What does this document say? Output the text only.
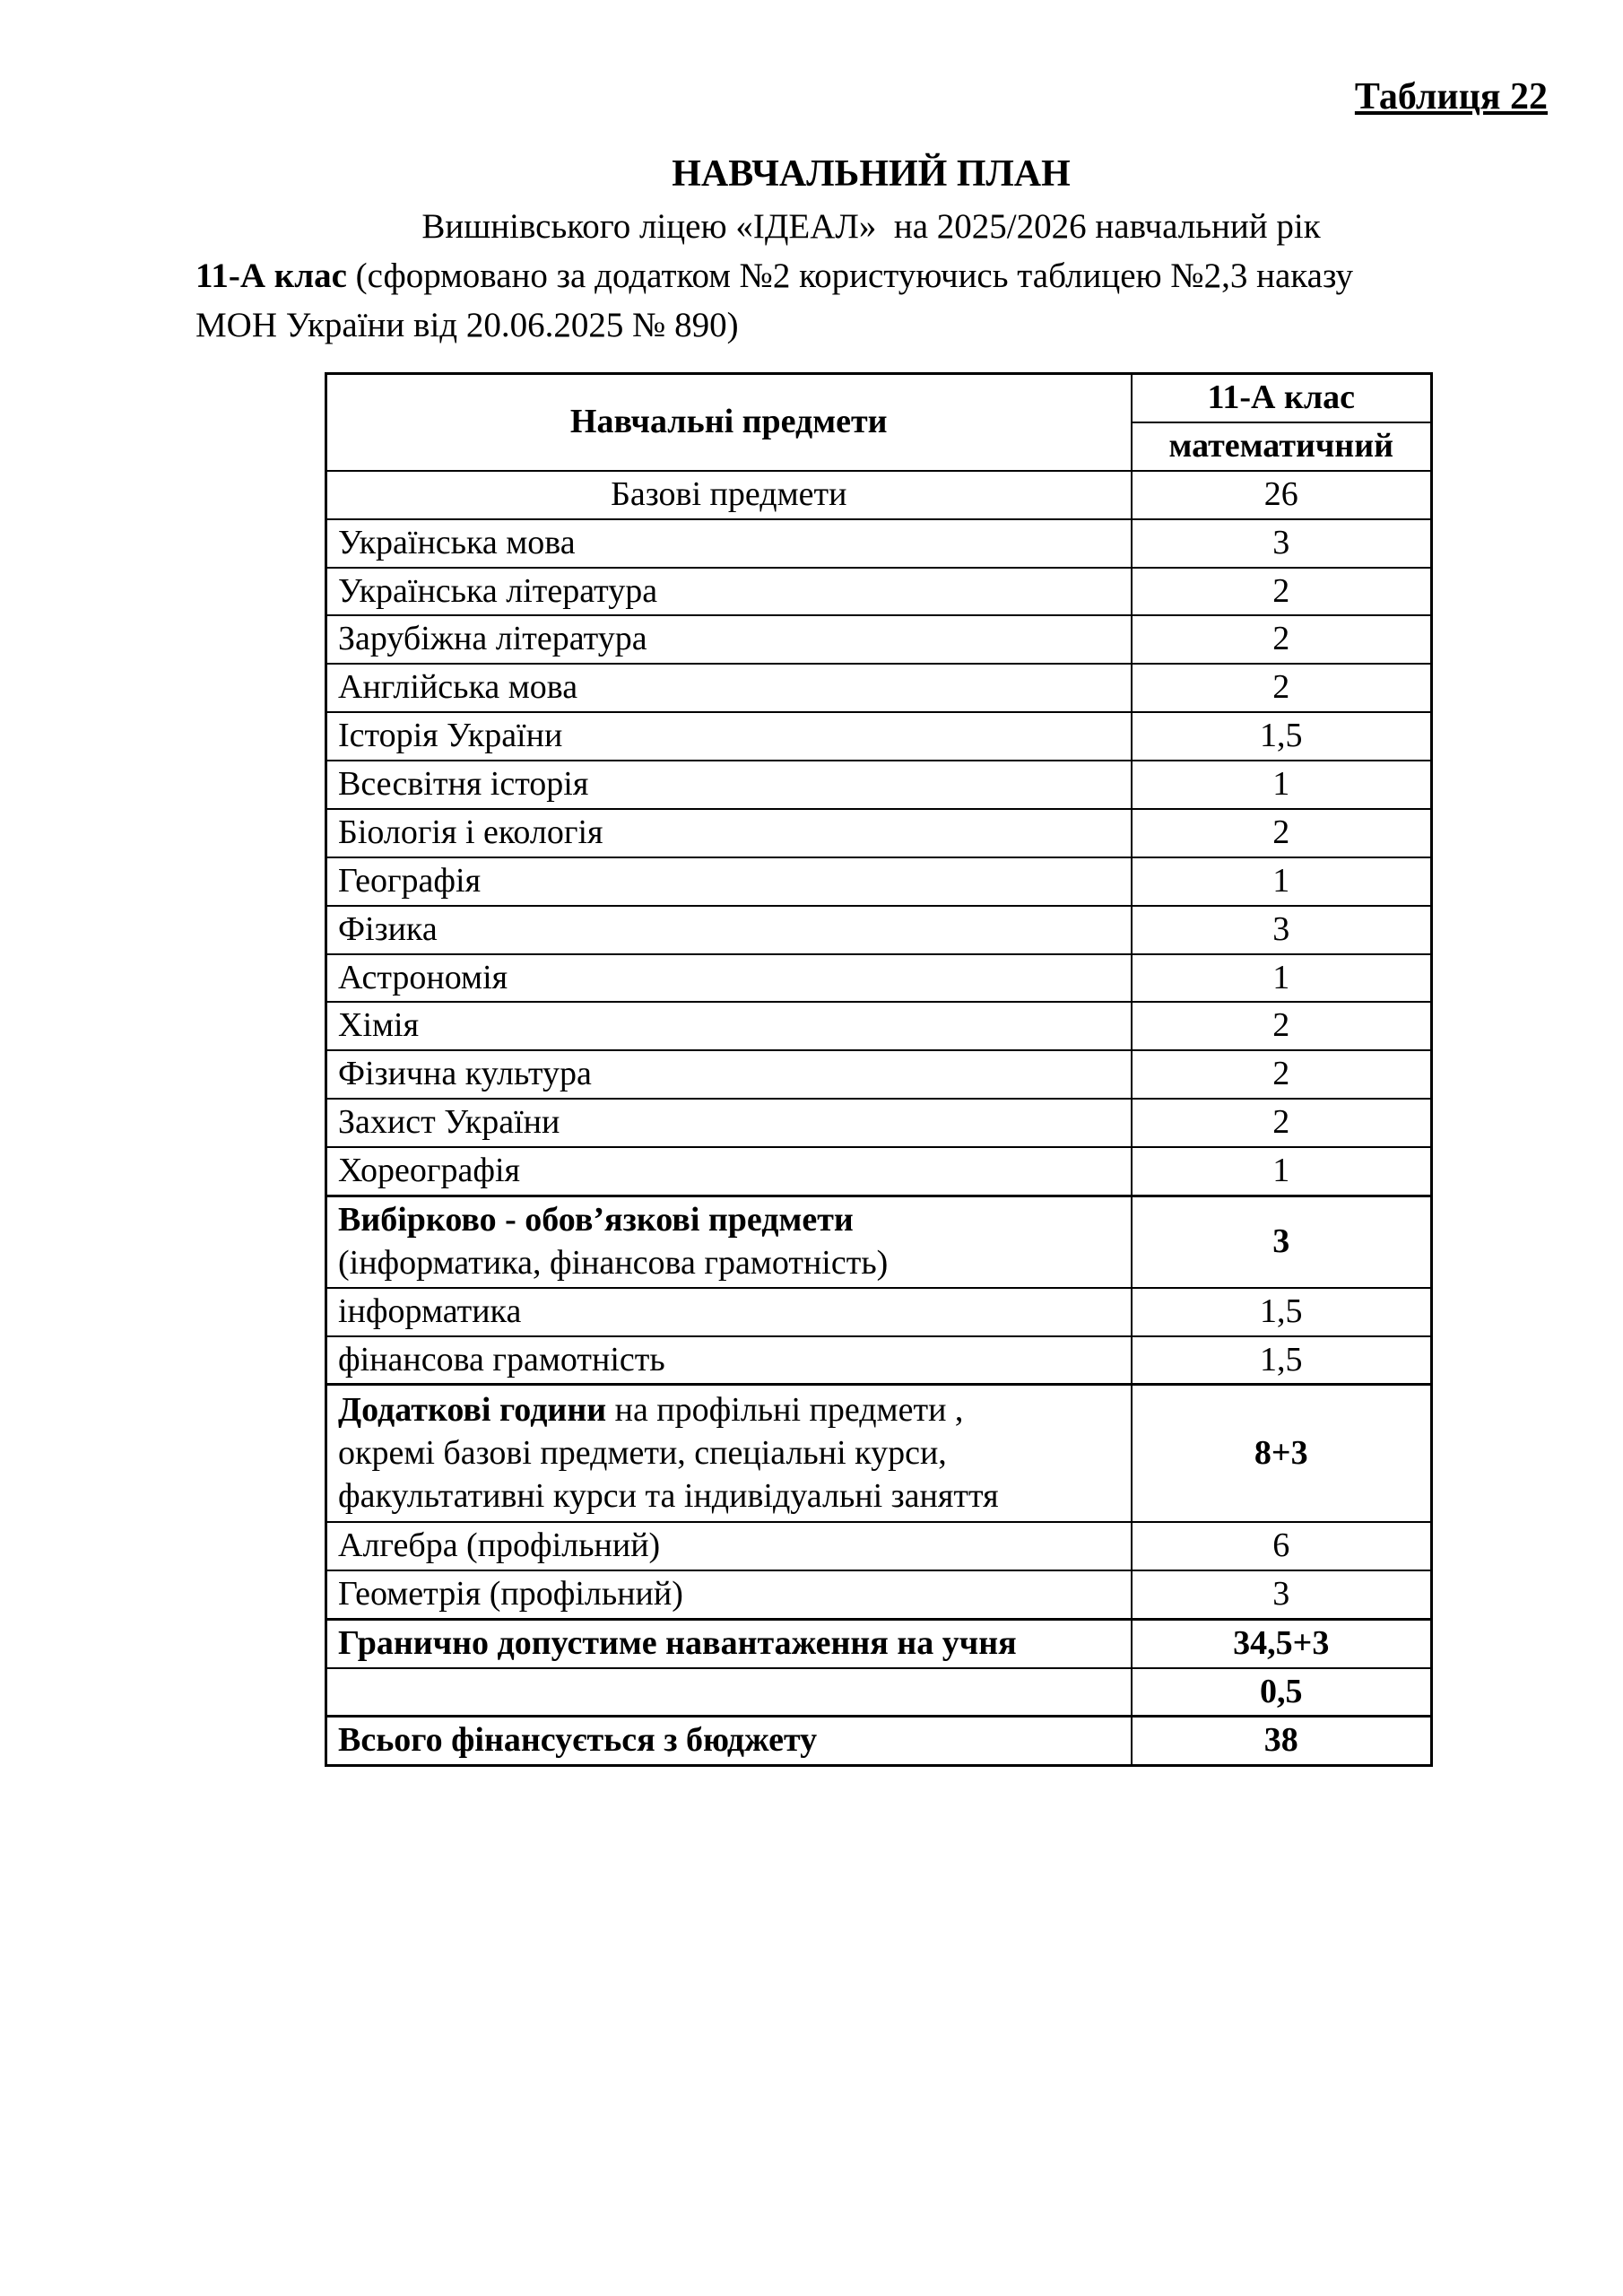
Таблиця 22
НАВЧАЛЬНИЙ ПЛАН
Вишнівського ліцею «ІДЕАЛ»  на 2025/2026 навчальний рік
11-А клас (сформовано за додатком №2 користуючись таблицею №2,3 наказу
МОН України від 20.06.2025 № 890)
Навчальні предмети	11-А клас
	математичний
Базові предмети	26
Українська мова	3
Українська література	2
Зарубіжна література	2
Англійська мова	2
Історія України	1,5
Всесвітня історія	1
Біологія і екологія	2
Географія	1
Фізика	3
Астрономія	1
Хімія	2
Фізична культура	2
Захист України	2
Хореографія	1
Вибірково - обов’язкові предмети
(інформатика, фінансова грамотність)	3
інформатика	1,5
фінансова грамотність	1,5
Додаткові години на профільні предмети ,
окремі базові предмети, спеціальні курси,
факультативні курси та індивідуальні заняття	8+3
Алгебра (профільний)	6
Геометрія (профільний)	3
Гранично допустиме навантаження на учня	34,5+3
	0,5
Всього фінансується з бюджету	38
